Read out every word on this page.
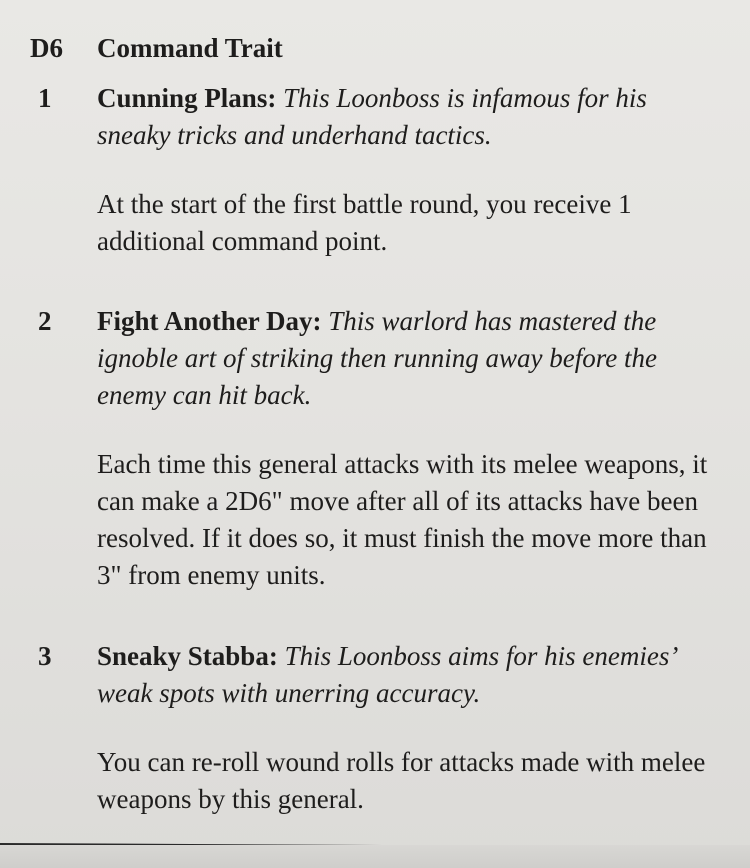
D6 Command Trait
1 Cunning Plans: This Loonboss is infamous for his sneaky tricks and underhand tactics.
At the start of the first battle round, you receive 1 additional command point.
2 Fight Another Day: This warlord has mastered the ignoble art of striking then running away before the enemy can hit back.
Each time this general attacks with its melee weapons, it can make a 2D6" move after all of its attacks have been resolved. If it does so, it must finish the move more than 3" from enemy units.
3 Sneaky Stabba: This Loonboss aims for his enemies’ weak spots with unerring accuracy.
You can re-roll wound rolls for attacks made with melee weapons by this general.
